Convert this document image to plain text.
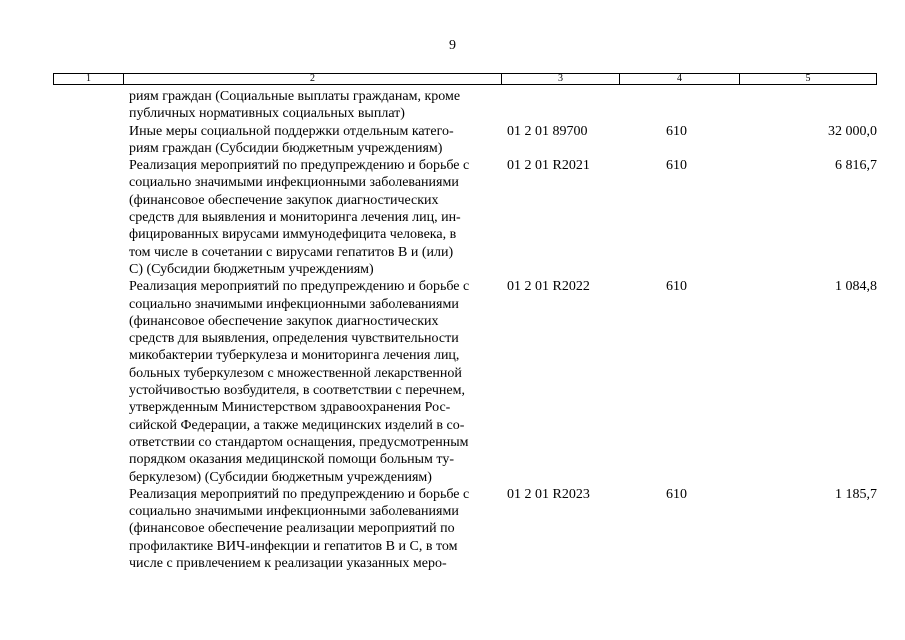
9
1	2	3	4	5
риям граждан (Социальные выплаты гражданам, кроме
публичных нормативных социальных выплат)
Иные меры социальной поддержки отдельным катего-
риям граждан (Субсидии бюджетным учреждениям)
01 2 01 89700	610	32 000,0
Реализация мероприятий по предупреждению и борьбе с
социально значимыми инфекционными заболеваниями
(финансовое обеспечение закупок диагностических
средств для выявления и мониторинга лечения лиц, ин-
фицированных вирусами иммунодефицита человека, в
том числе в сочетании с вирусами гепатитов В и (или)
С) (Субсидии бюджетным учреждениям)
01 2 01 R2021	610	6 816,7
Реализация мероприятий по предупреждению и борьбе с
социально значимыми инфекционными заболеваниями
(финансовое обеспечение закупок диагностических
средств для выявления, определения чувствительности
микобактерии туберкулеза и мониторинга лечения лиц,
больных туберкулезом с множественной лекарственной
устойчивостью возбудителя, в соответствии с перечнем,
утвержденным Министерством здравоохранения Рос-
сийской Федерации, а также медицинских изделий в со-
ответствии со стандартом оснащения, предусмотренным
порядком оказания медицинской помощи больным ту-
беркулезом) (Субсидии бюджетным учреждениям)
01 2 01 R2022	610	1 084,8
Реализация мероприятий по предупреждению и борьбе с
социально значимыми инфекционными заболеваниями
(финансовое обеспечение реализации мероприятий по
профилактике ВИЧ-инфекции и гепатитов В и С, в том
числе с привлечением к реализации указанных меро-
01 2 01 R2023	610	1 185,7
